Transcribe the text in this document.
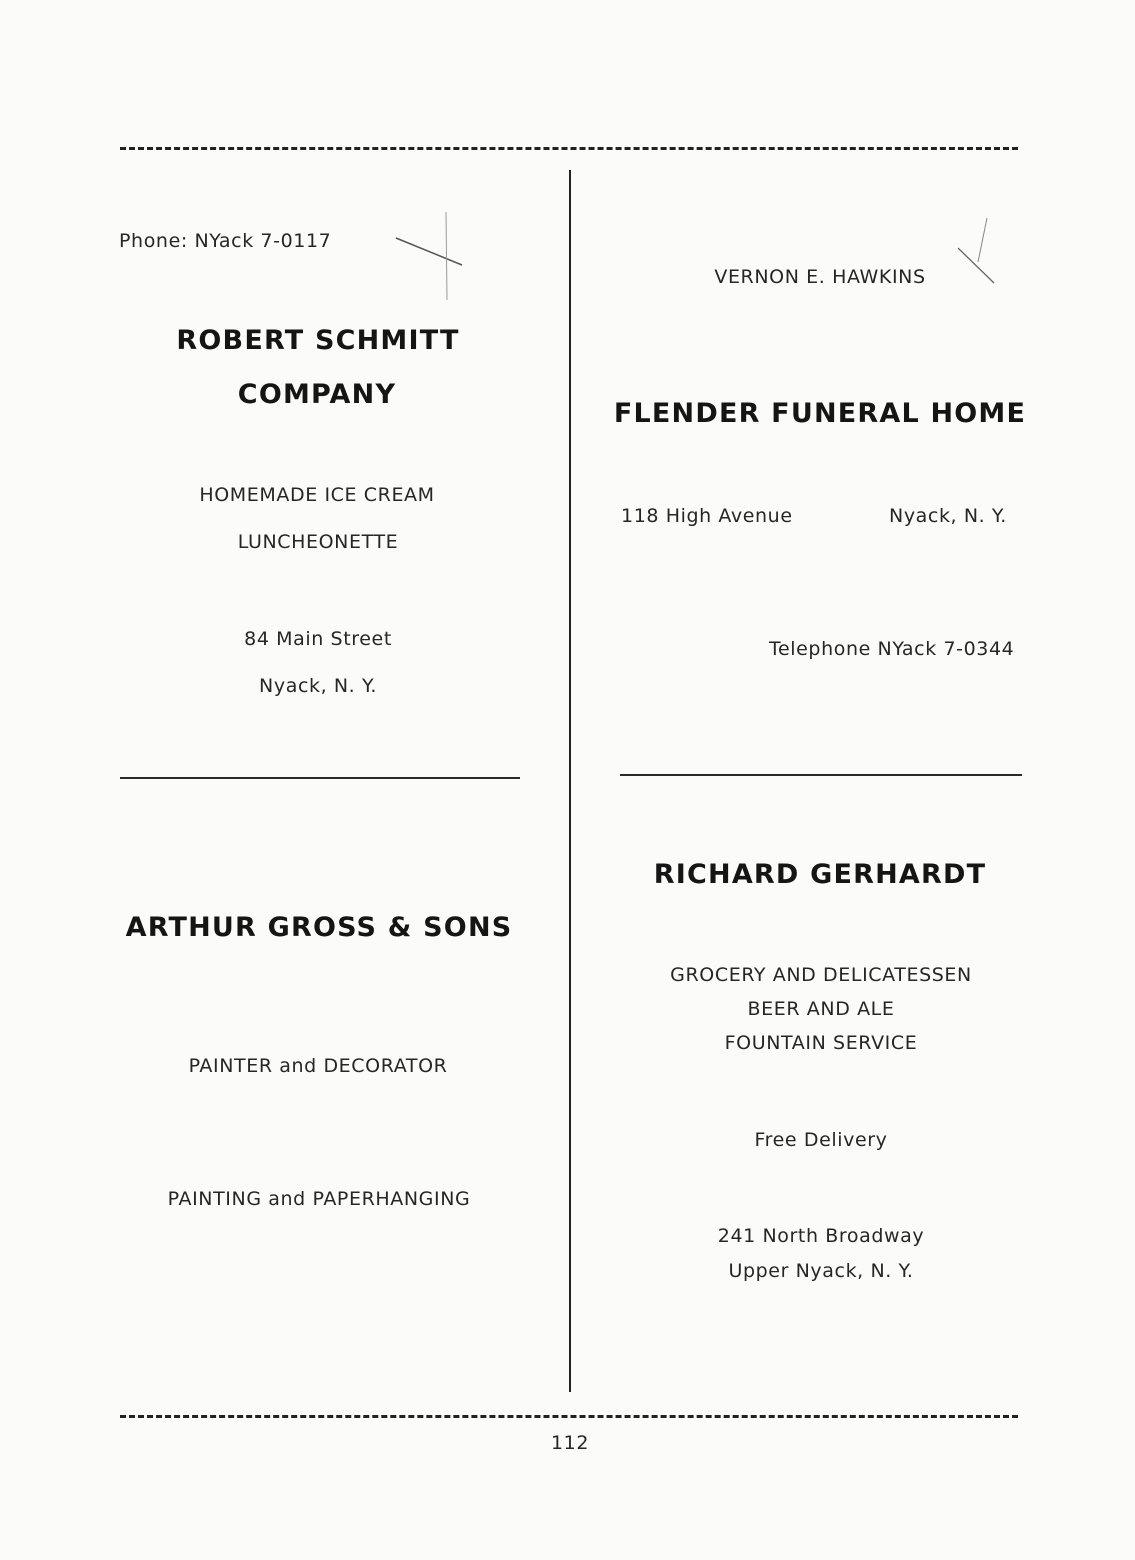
Phone: NYack 7-0117
ROBERT SCHMITT
COMPANY
HOMEMADE ICE CREAM
LUNCHEONETTE
84 Main Street
Nyack, N. Y.
ARTHUR GROSS & SONS
PAINTER and DECORATOR
PAINTING and PAPERHANGING
VERNON E. HAWKINS
FLENDER FUNERAL HOME
118 High Avenue	Nyack, N. Y.
Telephone NYack 7-0344
RICHARD GERHARDT
GROCERY AND DELICATESSEN
BEER AND ALE
FOUNTAIN SERVICE
Free Delivery
241 North Broadway
Upper Nyack, N. Y.
112
